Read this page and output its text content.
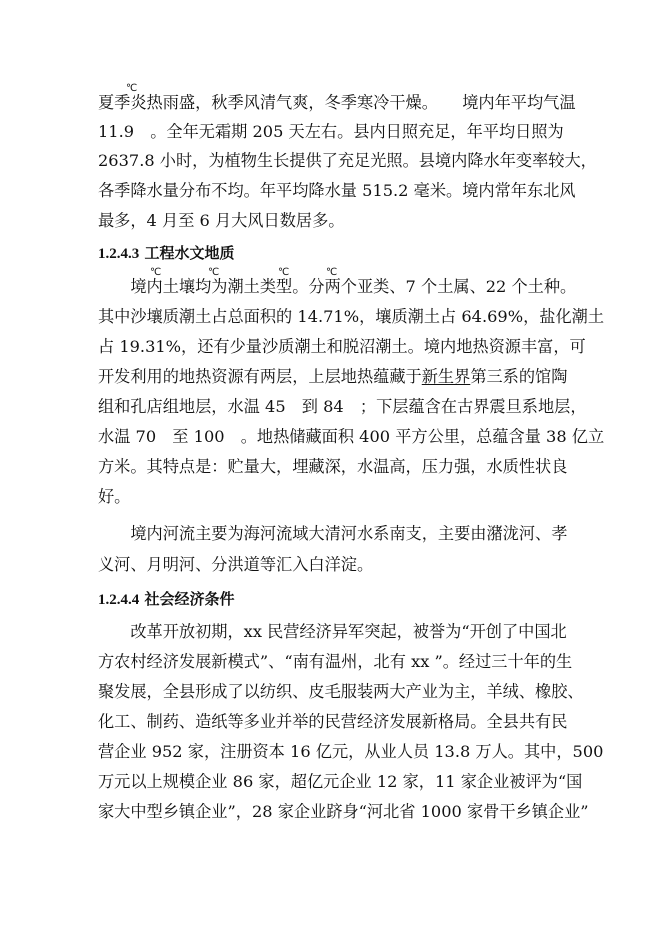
℃
℃	℃	℃	℃
夏季炎热雨盛，秋季风清气爽，冬季寒冷干燥。　　境内年平均气温
11.9　。全年无霜期 205 天左右。县内日照充足，年平均日照为
2637.8 小时，为植物生长提供了充足光照。县境内降水年变率较大，
各季降水量分布不均。年平均降水量 515.2 毫米。境内常年东北风
最多，4 月至 6 月大风日数居多。
1.2.4.3 工程水文地质
　　境内土壤均为潮土类型。分两个亚类、7 个土属、22 个土种。
其中沙壤质潮土占总面积的 14.71%，壤质潮土占 64.69%，盐化潮土
占 19.31%，还有少量沙质潮土和脱沼潮土。境内地热资源丰富，可
开发利用的地热资源有两层，上层地热蕴藏于新生界第三系的馆陶
组和孔店组地层，水温 45　到 84　；下层蕴含在古界震旦系地层，
水温 70　至 100　。地热储藏面积 400 平方公里，总蕴含量 38 亿立
方米。其特点是：贮量大，埋藏深，水温高，压力强，水质性状良
好。
　　境内河流主要为海河流域大清河水系南支，主要由潴泷河、孝
义河、月明河、分洪道等汇入白洋淀。
1.2.4.4 社会经济条件
　　改革开放初期，xx 民营经济异军突起，被誉为“开创了中国北
方农村经济发展新模式”、“南有温州，北有 xx ”。经过三十年的生
聚发展，全县形成了以纺织、皮毛服装两大产业为主，羊绒、橡胶、
化工、制药、造纸等多业并举的民营经济发展新格局。全县共有民
营企业 952 家，注册资本 16 亿元，从业人员 13.8 万人。其中，500
万元以上规模企业 86 家，超亿元企业 12 家，11 家企业被评为“国
家大中型乡镇企业”，28 家企业跻身“河北省 1000 家骨干乡镇企业”
